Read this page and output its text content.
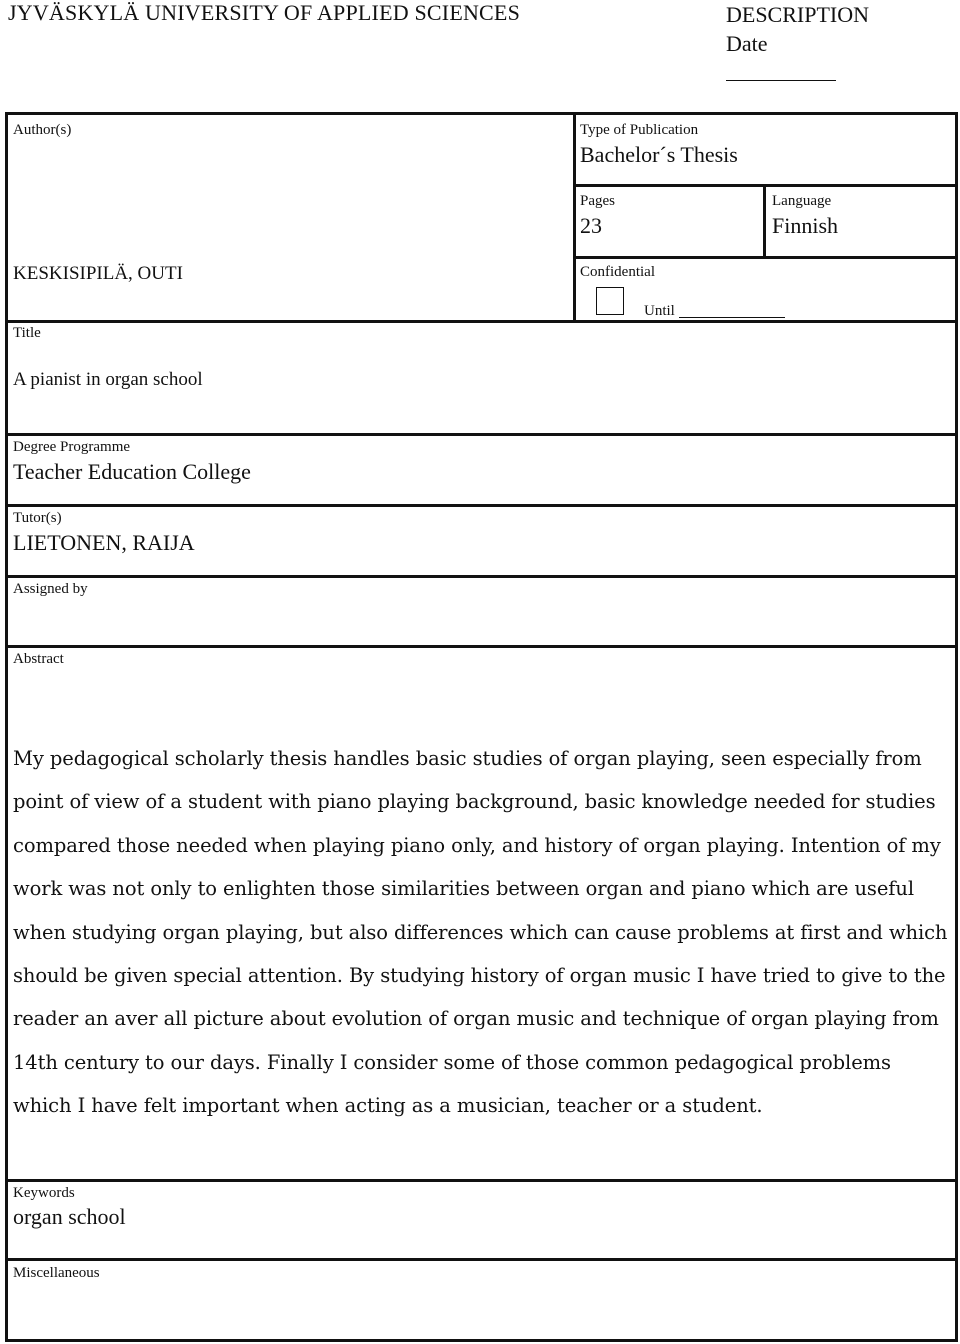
JYVÄSKYLÄ UNIVERSITY OF APPLIED SCIENCES	DESCRIPTION
Date
Author(s)
KESKISIPILÄ, OUTI
Type of Publication
Bachelor´s Thesis
Pages
23
Language
Finnish
Confidential
Until
Title
A pianist in organ school
Degree Programme
Teacher Education College
Tutor(s)
LIETONEN, RAIJA
Assigned by
Abstract

My pedagogical scholarly thesis handles basic studies of organ playing, seen especially from point of view of a student with piano playing background, basic knowledge needed for studies compared those needed when playing piano only, and history of organ playing. Intention of my work was not only to enlighten those similarities between organ and piano which are useful when studying organ playing, but also differences which can cause problems at first and which should be given special attention. By studying history of organ music I have tried to give to the reader an aver all picture about evolution of organ music and technique of organ playing from 14th century to our days. Finally I consider some of those common pedagogical problems which I have felt important when acting as a musician, teacher or a student.

Keywords
organ school
Miscellaneous
